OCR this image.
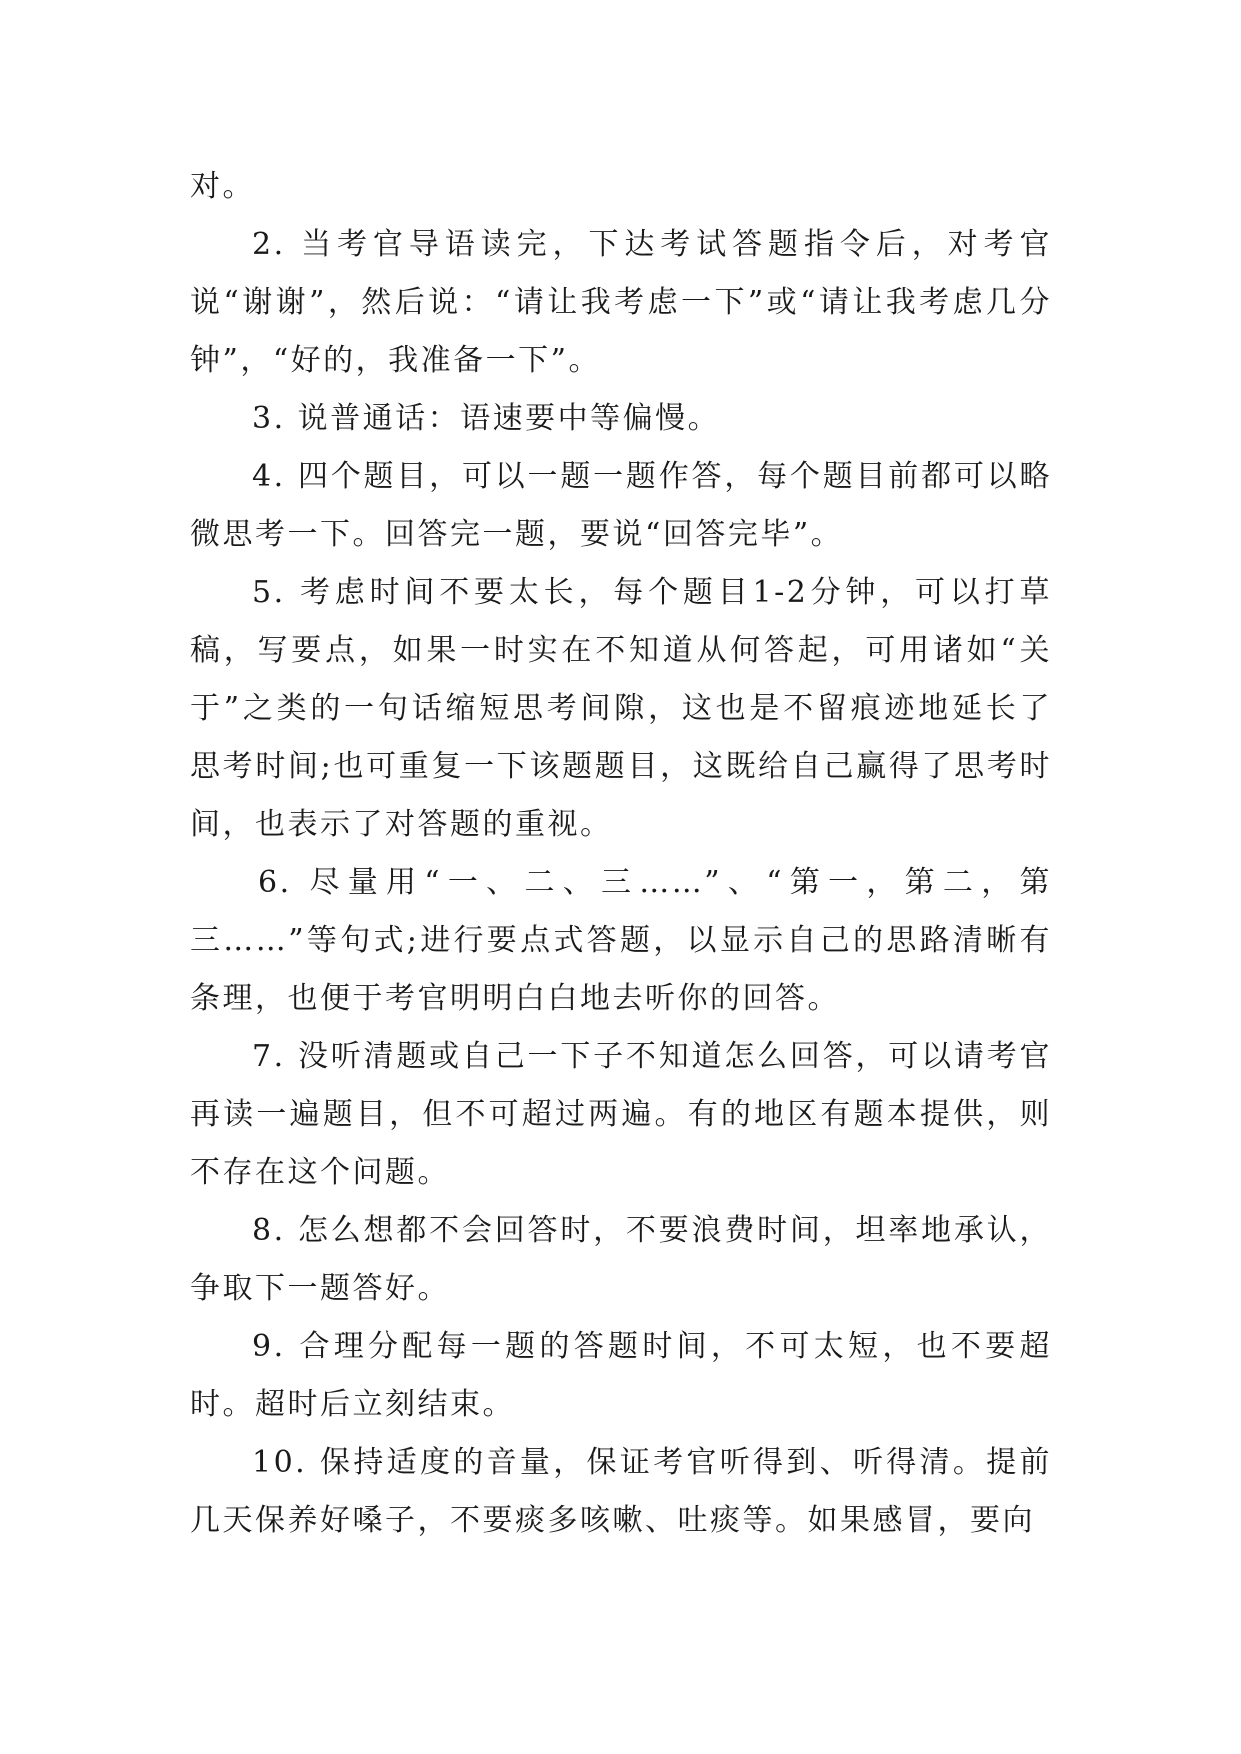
对。

2. 当考官导语读完，下达考试答题指令后，对考官说“谢谢”，然后说：“请让我考虑一下”或“请让我考虑几分钟”，“好的，我准备一下”。

3. 说普通话：语速要中等偏慢。

4. 四个题目，可以一题一题作答，每个题目前都可以略微思考一下。回答完一题，要说“回答完毕”。

5. 考虑时间不要太长，每个题目1-2分钟，可以打草稿，写要点，如果一时实在不知道从何答起，可用诸如“关于”之类的一句话缩短思考间隙，这也是不留痕迹地延长了思考时间;也可重复一下该题题目，这既给自己赢得了思考时间，也表示了对答题的重视。

6. 尽量用“一、二、三……”、“第一，第二，第三……”等句式;进行要点式答题，以显示自己的思路清晰有条理，也便于考官明明白白地去听你的回答。

7. 没听清题或自己一下子不知道怎么回答，可以请考官再读一遍题目，但不可超过两遍。有的地区有题本提供，则不存在这个问题。

8. 怎么想都不会回答时，不要浪费时间，坦率地承认，争取下一题答好。

9. 合理分配每一题的答题时间，不可太短，也不要超时。超时后立刻结束。

10. 保持适度的音量，保证考官听得到、听得清。提前几天保养好嗓子，不要痰多咳嗽、吐痰等。如果感冒，要向
